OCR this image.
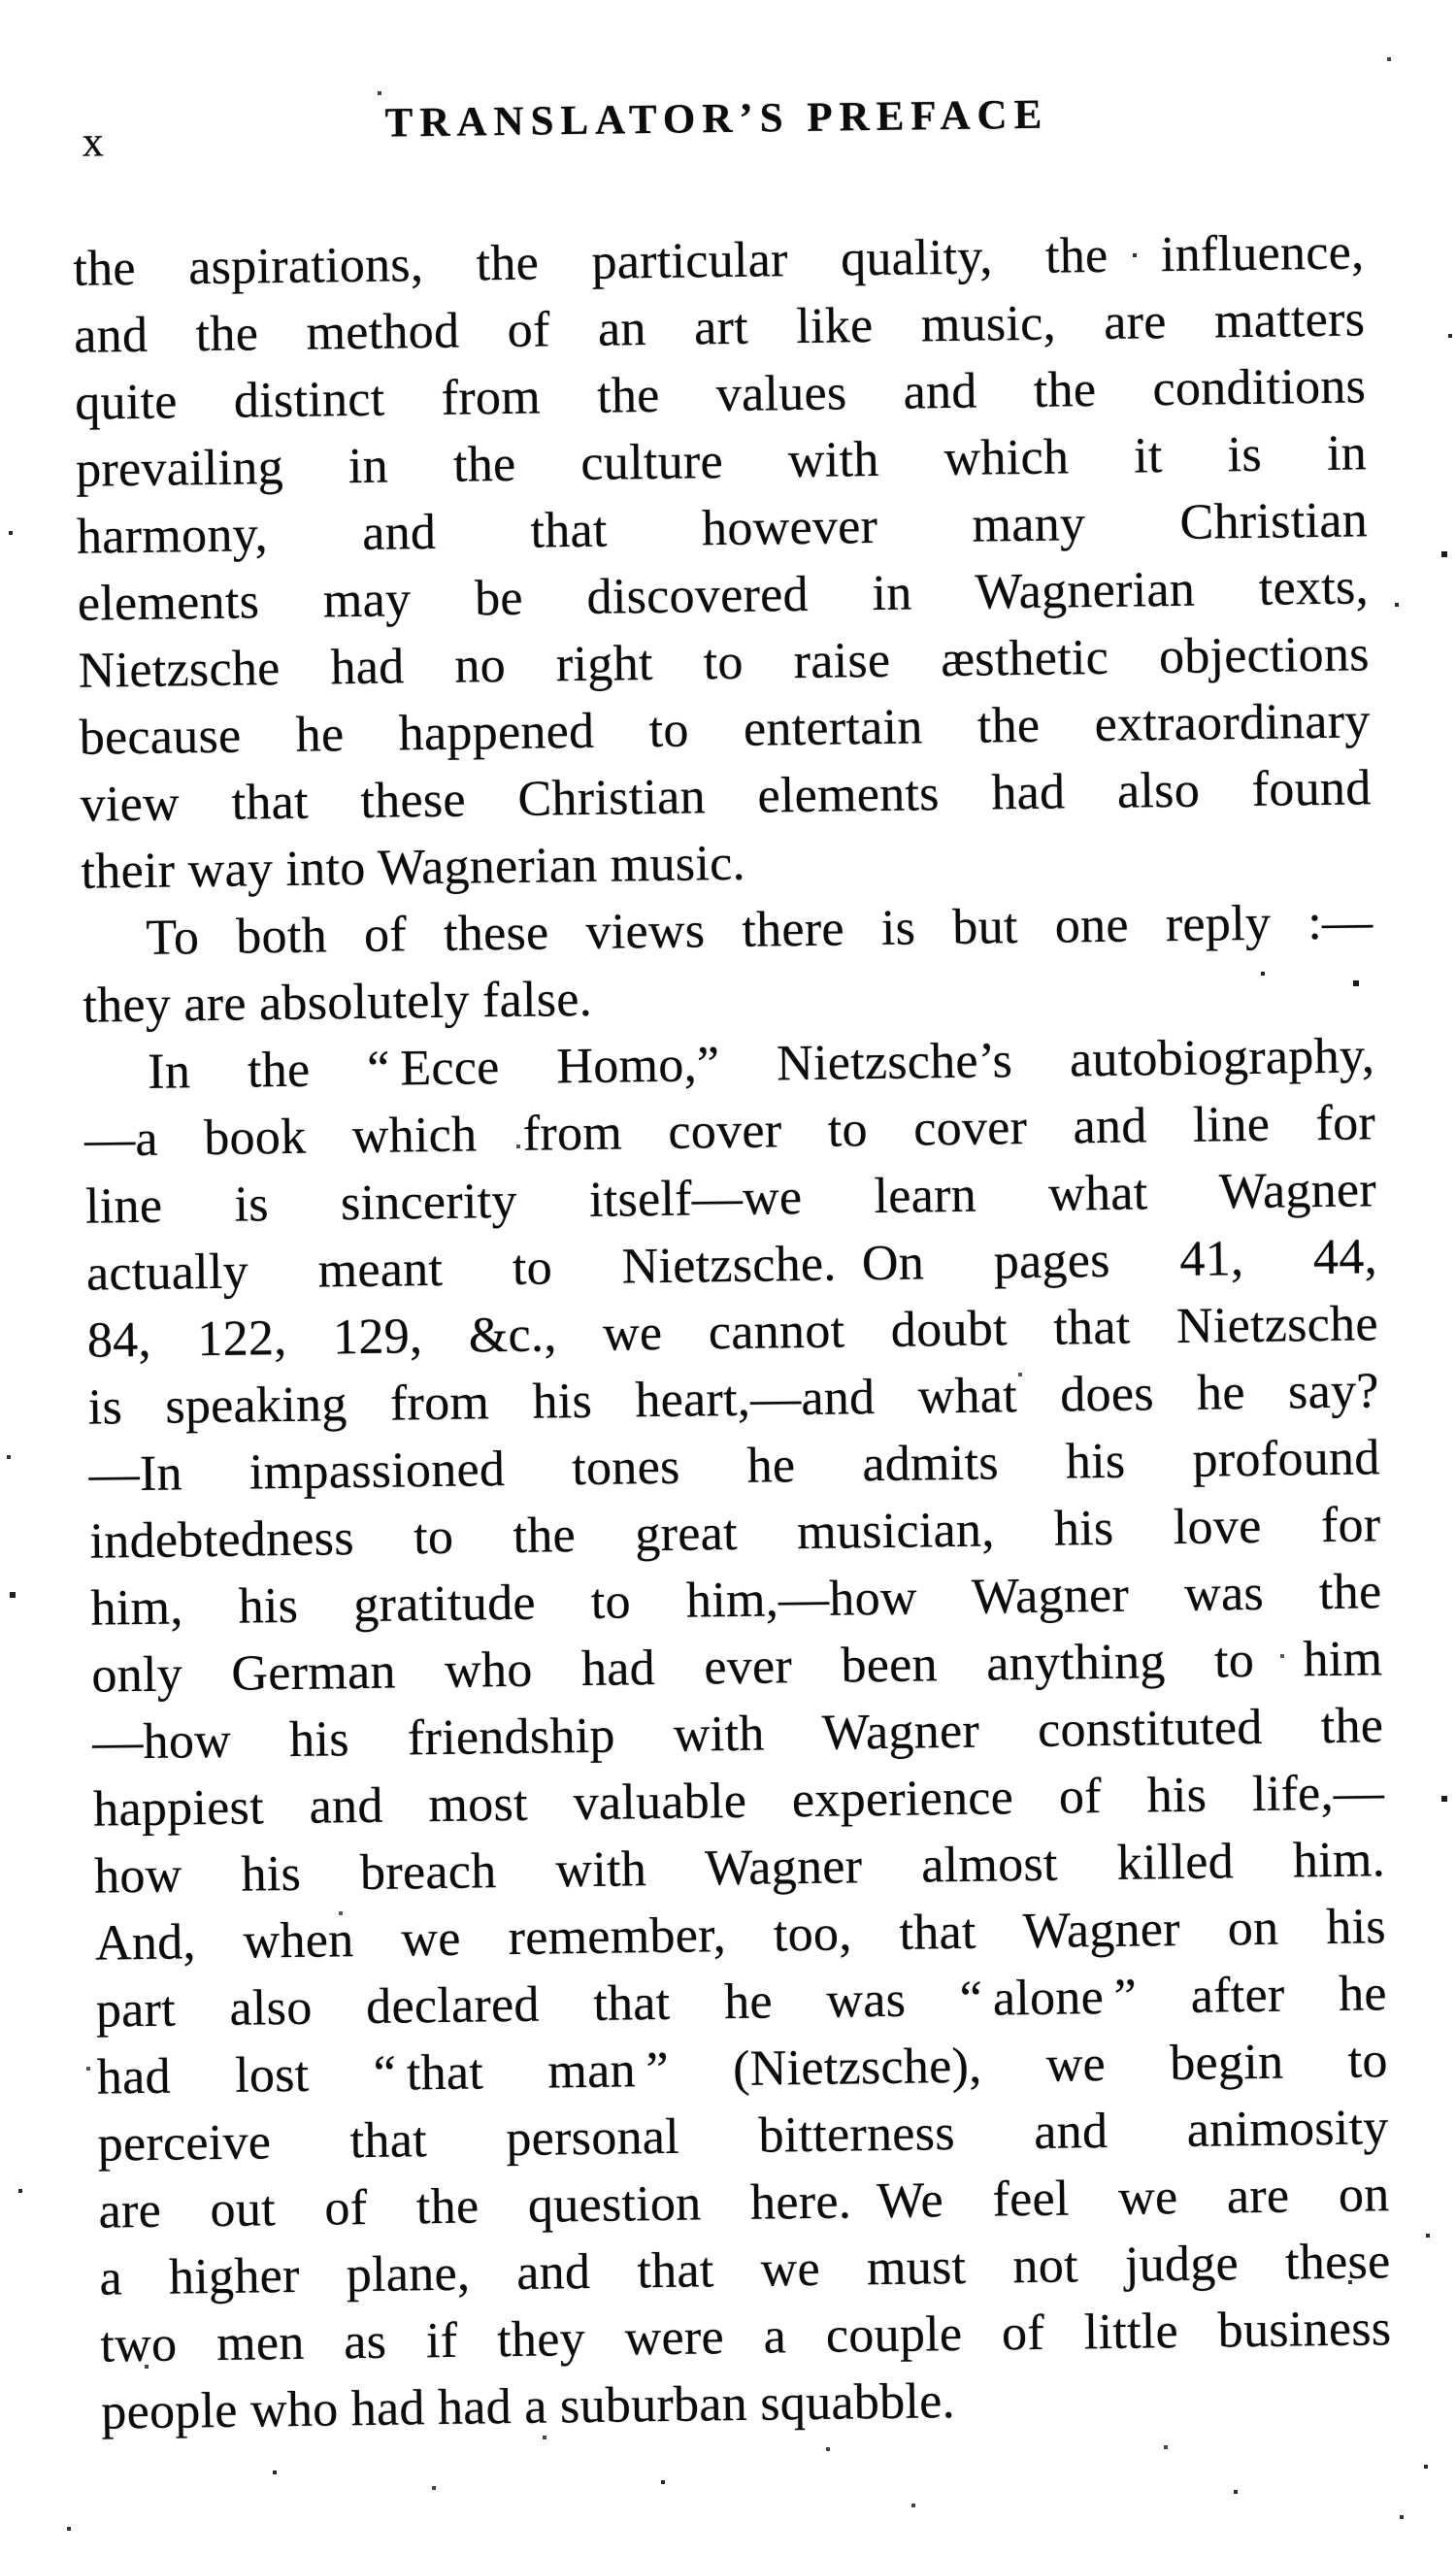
x	TRANSLATOR’S PREFACE
the aspirations, the particular quality, the influence,
and the method of an art like music, are matters
quite distinct from the values and the conditions
prevailing in the culture with which it is in
harmony, and that however many Christian
elements may be discovered in Wagnerian texts,
Nietzsche had no right to raise æsthetic objections
because he happened to entertain the extraordinary
view that these Christian elements had also found
their way into Wagnerian music.
To both of these views there is but one reply :—
they are absolutely false.
In the “ Ecce Homo,” Nietzsche’s autobiography,
—a book which from cover to cover and line for
line is sincerity itself—we learn what Wagner
actually meant to Nietzsche. On pages 41, 44,
84, 122, 129, &c., we cannot doubt that Nietzsche
is speaking from his heart,—and what does he say?
—In impassioned tones he admits his profound
indebtedness to the great musician, his love for
him, his gratitude to him,—how Wagner was the
only German who had ever been anything to him
—how his friendship with Wagner constituted the
happiest and most valuable experience of his life,—
how his breach with Wagner almost killed him.
And, when we remember, too, that Wagner on his
part also declared that he was “ alone ” after he
had lost “ that man ” (Nietzsche), we begin to
perceive that personal bitterness and animosity
are out of the question here. We feel we are on
a higher plane, and that we must not judge these
two men as if they were a couple of little business
people who had had a suburban squabble.
